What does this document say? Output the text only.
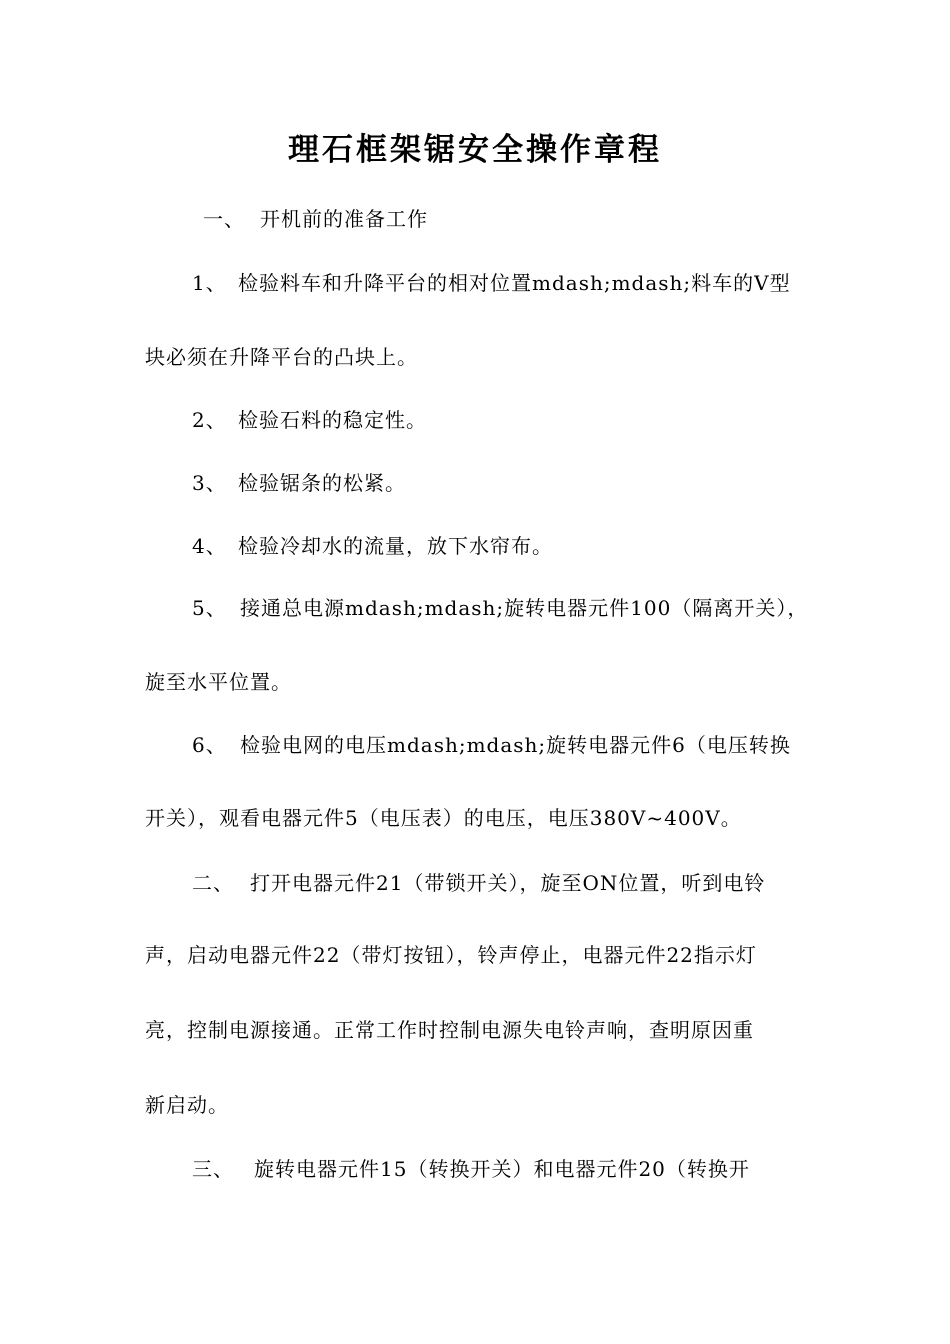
理石框架锯安全操作章程
一、 开机前的准备工作
1、 检验料车和升降平台的相对位置mdash;mdash;料车的V型
块必须在升降平台的凸块上。
2、 检验石料的稳定性。
3、 检验锯条的松紧。
4、 检验冷却水的流量，放下水帘布。
5、 接通总电源mdash;mdash;旋转电器元件100（隔离开关），
旋至水平位置。
6、 检验电网的电压mdash;mdash;旋转电器元件6（电压转换
开关），观看电器元件5（电压表）的电压，电压380V~400V。
二、 打开电器元件21（带锁开关），旋至ON位置，听到电铃
声，启动电器元件22（带灯按钮），铃声停止，电器元件22指示灯
亮，控制电源接通。正常工作时控制电源失电铃声响，查明原因重
新启动。
三、 旋转电器元件15（转换开关）和电器元件20（转换开
